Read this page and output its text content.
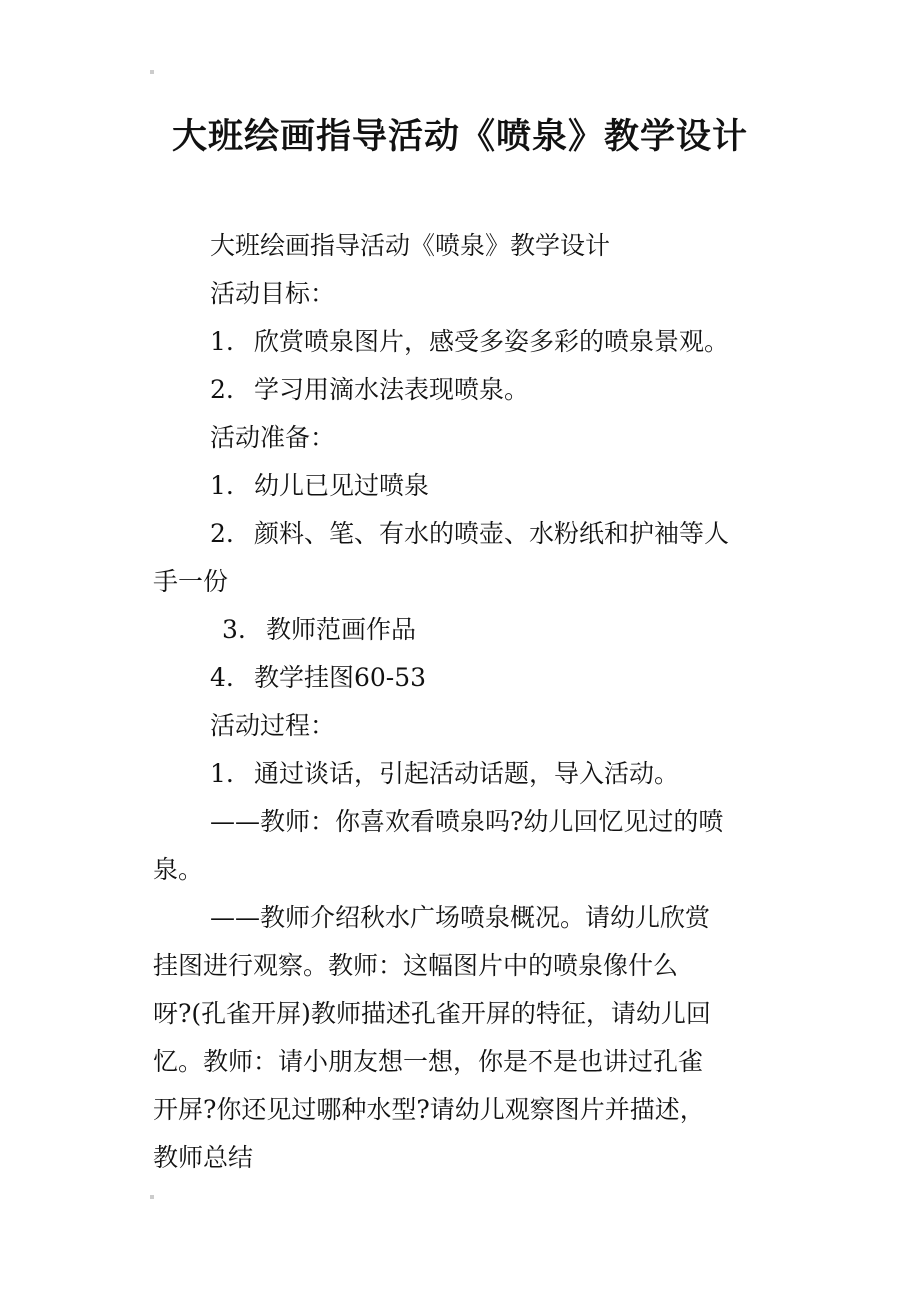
大班绘画指导活动《喷泉》教学设计

大班绘画指导活动《喷泉》教学设计

活动目标：

1. 欣赏喷泉图片，感受多姿多彩的喷泉景观。

2. 学习用滴水法表现喷泉。

活动准备：

1. 幼儿已见过喷泉

2. 颜料、笔、有水的喷壶、水粉纸和护袖等人

手一份

3. 教师范画作品

4. 教学挂图60-53

活动过程：

1. 通过谈话，引起活动话题，导入活动。

——教师：你喜欢看喷泉吗?幼儿回忆见过的喷

泉。

——教师介绍秋水广场喷泉概况。请幼儿欣赏

挂图进行观察。教师：这幅图片中的喷泉像什么

呀?(孔雀开屏)教师描述孔雀开屏的特征，请幼儿回

忆。教师：请小朋友想一想，你是不是也讲过孔雀

开屏?你还见过哪种水型?请幼儿观察图片并描述，

教师总结
